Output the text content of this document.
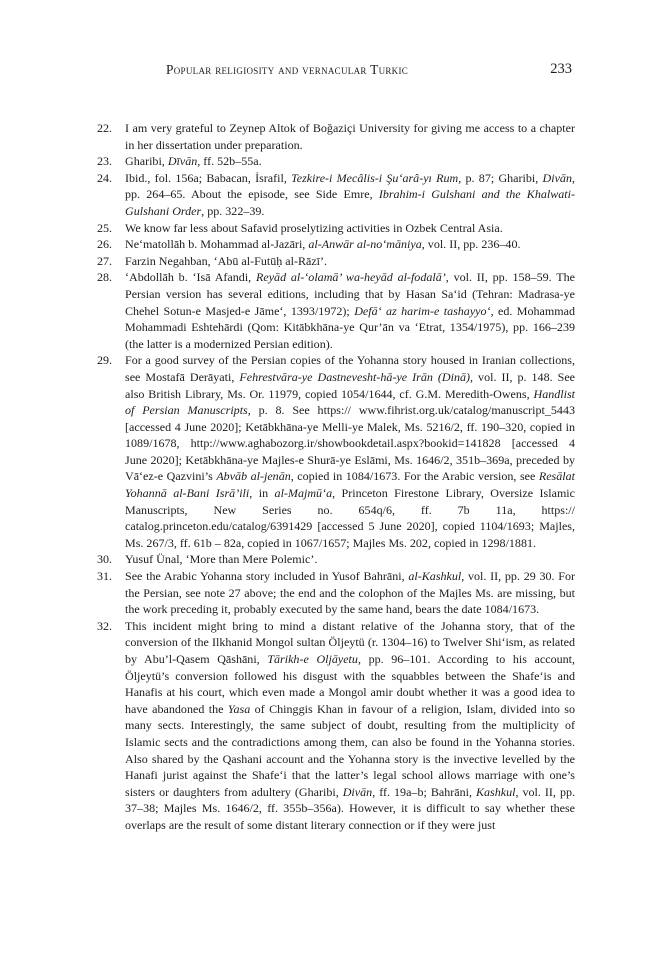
Popular religiosity and vernacular Turkic	233
22. I am very grateful to Zeynep Altok of Boğaziçi University for giving me access to a chapter in her dissertation under preparation.
23. Gharibi, Dīvān, ff. 52b–55a.
24. Ibid., fol. 156a; Babacan, İsrafil, Tezkire-i Mecâlis-i Şu‘arâ-yı Rum, p. 87; Gharibi, Divān, pp. 264–65. About the episode, see Side Emre, Ibrahim-i Gulshani and the Khalwati-Gulshani Order, pp. 322–39.
25. We know far less about Safavid proselytizing activities in Ozbek Central Asia.
26. Ne‘matollāh b. Mohammad al-Jazāri, al-Anwār al-no‘māniya, vol. II, pp. 236–40.
27. Farzin Negahban, ‘Abū al-Futūḥ al-Rāzī’.
28. ‘Abdollāh b. ‘Isā Afandi, Reyād al-‘olamā’ wa-heyād al-fodalā’, vol. II, pp. 158–59. The Persian version has several editions, including that by Hasan Sa‘id (Tehran: Madrasa-ye Chehel Sotun-e Masjed-e Jāme‘, 1393/1972); Defā‘ az harim-e tashayyo‘, ed. Mohammad Mohammadi Eshtehārdi (Qom: Kitābkhāna-ye Qur’ān va ‘Etrat, 1354/1975), pp. 166–239 (the latter is a modernized Persian edition).
29. For a good survey of the Persian copies of the Yohanna story housed in Iranian collections, see Mostafā Derāyati, Fehrestvāra-ye Dastnevesht-hā-ye Irān (Dinā), vol. II, p. 148. See also British Library, Ms. Or. 11979, copied 1054/1644, cf. G.M. Meredith-Owens, Handlist of Persian Manuscripts, p. 8. See https:// www.fihrist.org.uk/catalog/manuscript_5443 [accessed 4 June 2020]; Ketābkhāna-ye Melli-ye Malek, Ms. 5216/2, ff. 190–320, copied in 1089/1678, http://www.aghabozorg.ir/showbookdetail.aspx?bookid=141828 [accessed 4 June 2020]; Ketābkhāna-ye Majles-e Shurā-ye Eslāmi, Ms. 1646/2, 351b–369a, preceded by Vā‘ez-e Qazvini’s Abvāb al-jenān, copied in 1084/1673. For the Arabic version, see Resālat Yohannā al-Bani Isrā’ili, in al-Majmū‘a, Princeton Firestone Library, Oversize Islamic Manuscripts, New Series no. 654q/6, ff. 7b 11a, https:// catalog.princeton.edu/catalog/6391429 [accessed 5 June 2020], copied 1104/1693; Majles, Ms. 267/3, ff. 61b – 82a, copied in 1067/1657; Majles Ms. 202, copied in 1298/1881.
30. Yusuf Ünal, ‘More than Mere Polemic’.
31. See the Arabic Yohanna story included in Yusof Bahrāni, al-Kashkul, vol. II, pp. 29 30. For the Persian, see note 27 above; the end and the colophon of the Majles Ms. are missing, but the work preceding it, probably executed by the same hand, bears the date 1084/1673.
32. This incident might bring to mind a distant relative of the Johanna story, that of the conversion of the Ilkhanid Mongol sultan Öljeytü (r. 1304–16) to Twelver Shi‘ism, as related by Abu’l-Qasem Qāshāni, Tārikh-e Oljāyetu, pp. 96–101. According to his account, Öljeytü’s conversion followed his disgust with the squabbles between the Shafe‘is and Hanafis at his court, which even made a Mongol amir doubt whether it was a good idea to have abandoned the Yasa of Chinggis Khan in favour of a religion, Islam, divided into so many sects. Interestingly, the same subject of doubt, resulting from the multiplicity of Islamic sects and the contradictions among them, can also be found in the Yohanna stories. Also shared by the Qashani account and the Yohanna story is the invective levelled by the Hanafi jurist against the Shafe‘i that the latter’s legal school allows marriage with one’s sisters or daughters from adultery (Gharibi, Divān, ff. 19a–b; Bahrāni, Kashkul, vol. II, pp. 37–38; Majles Ms. 1646/2, ff. 355b–356a). However, it is difficult to say whether these overlaps are the result of some distant literary connection or if they were just
